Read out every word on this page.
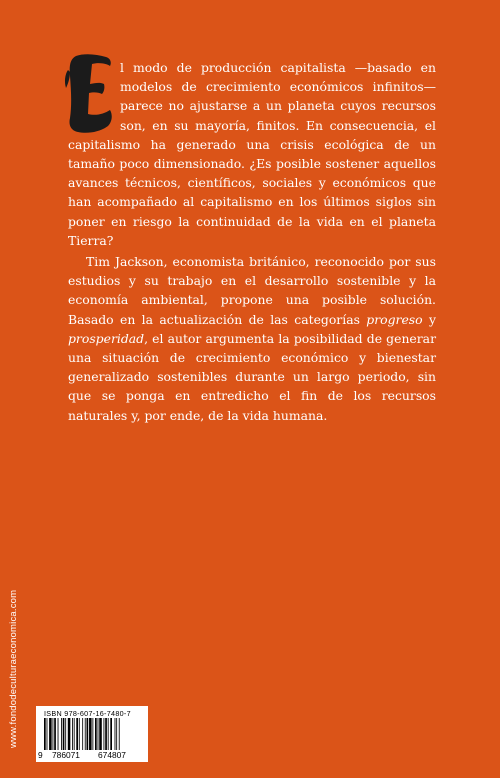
l modo de producción capitalista —basado en modelos de crecimiento económicos infinitos— parece no ajustarse a un planeta cuyos recursos son, en su mayoría, finitos. En consecuencia, el capitalismo ha generado una crisis ecológica de un tamaño poco dimensionado. ¿Es posible sostener aquellos avances técnicos, científicos, sociales y económicos que han acompañado al capitalismo en los últimos siglos sin poner en riesgo la continuidad de la vida en el planeta Tierra?

Tim Jackson, economista británico, reconocido por sus estudios y su trabajo en el desarrollo sostenible y la economía ambiental, propone una posible solución. Basado en la actualización de las categorías progreso y prosperidad, el autor argumenta la posibilidad de generar una situación de crecimiento económico y bienestar generalizado sostenibles durante un largo periodo, sin que se ponga en entredicho el fin de los recursos naturales y, por ende, de la vida humana.

www.fondodeculturaeconomica.com	ISBN 978-607-16-7480-7
9 786071 674807
